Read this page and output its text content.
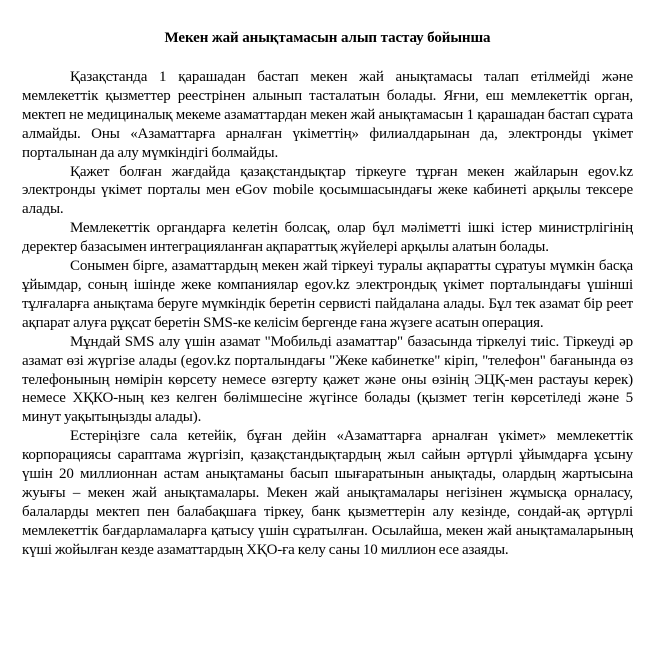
Мекен жай анықтамасын алып тастау бойынша

Қазақстанда 1 қарашадан бастап мекен жай анықтамасы талап етілмейді және мемлекеттік қызметтер реестрінен алынып тасталатын болады. Яғни, еш мемлекеттік орган, мектеп не медициналық мекеме азаматтардан мекен жай анықтамасын 1 қарашадан бастап сұрата алмайды. Оны «Азаматтарға арналған үкіметтің» филиалдарынан да, электронды үкімет порталынан да алу мүмкіндігі болмайды.

Қажет болған жағдайда қазақстандықтар тіркеуге тұрған мекен жайларын egov.kz электронды үкімет порталы мен eGov mobile қосымшасындағы жеке кабинеті арқылы тексере алады.

Мемлекеттік органдарға келетін болсақ, олар бұл мәліметті ішкі істер министрлігінің деректер базасымен интеграцияланған ақпараттық жүйелері арқылы алатын болады.

Сонымен бірге, азаматтардың мекен жай тіркеуі туралы ақпаратты сұратуы мүмкін басқа ұйымдар, соның ішінде жеке компаниялар egov.kz электрондық үкімет порталындағы үшінші тұлғаларға анықтама беруге мүмкіндік беретін сервисті пайдалана алады. Бұл тек азамат бір реет ақпарат алуға рұқсат беретін SMS-ке келісім бергенде ғана жүзеге асатын операция.

Мұндай SMS алу үшін азамат "Мобильді азаматтар" базасында тіркелуі тиіс. Тіркеуді әр азамат өзі жүргізе алады (egov.kz порталындағы "Жеке кабинетке" кіріп, "телефон" бағанында өз телефонының нөмірін көрсету немесе өзгерту қажет және оны өзінің ЭЦҚ-мен растауы керек) немесе ХҚКО-ның кез келген бөлімшесіне жүгінсе болады (қызмет тегін көрсетіледі және 5 минут уақытыңызды алады).

Естеріңізге сала кетейік, бұған дейін «Азаматтарға арналған үкімет» мемлекеттік корпорациясы сараптама жүргізіп, қазақстандықтардың жыл сайын әртүрлі ұйымдарға ұсыну үшін 20 миллионнан астам анықтаманы басып шығаратынын анықтады, олардың жартысына жуығы – мекен жай анықтамалары. Мекен жай анықтамалары негізінен жұмысқа орналасу, балаларды мектеп пен балабақшаға тіркеу, банк қызметтерін алу кезінде, сондай-ақ әртүрлі мемлекеттік бағдарламаларға қатысу үшін сұратылған. Осылайша, мекен жай анықтамаларының күші жойылған кезде азаматтардың ХҚО-ға келу саны 10 миллион есе азаяды.
